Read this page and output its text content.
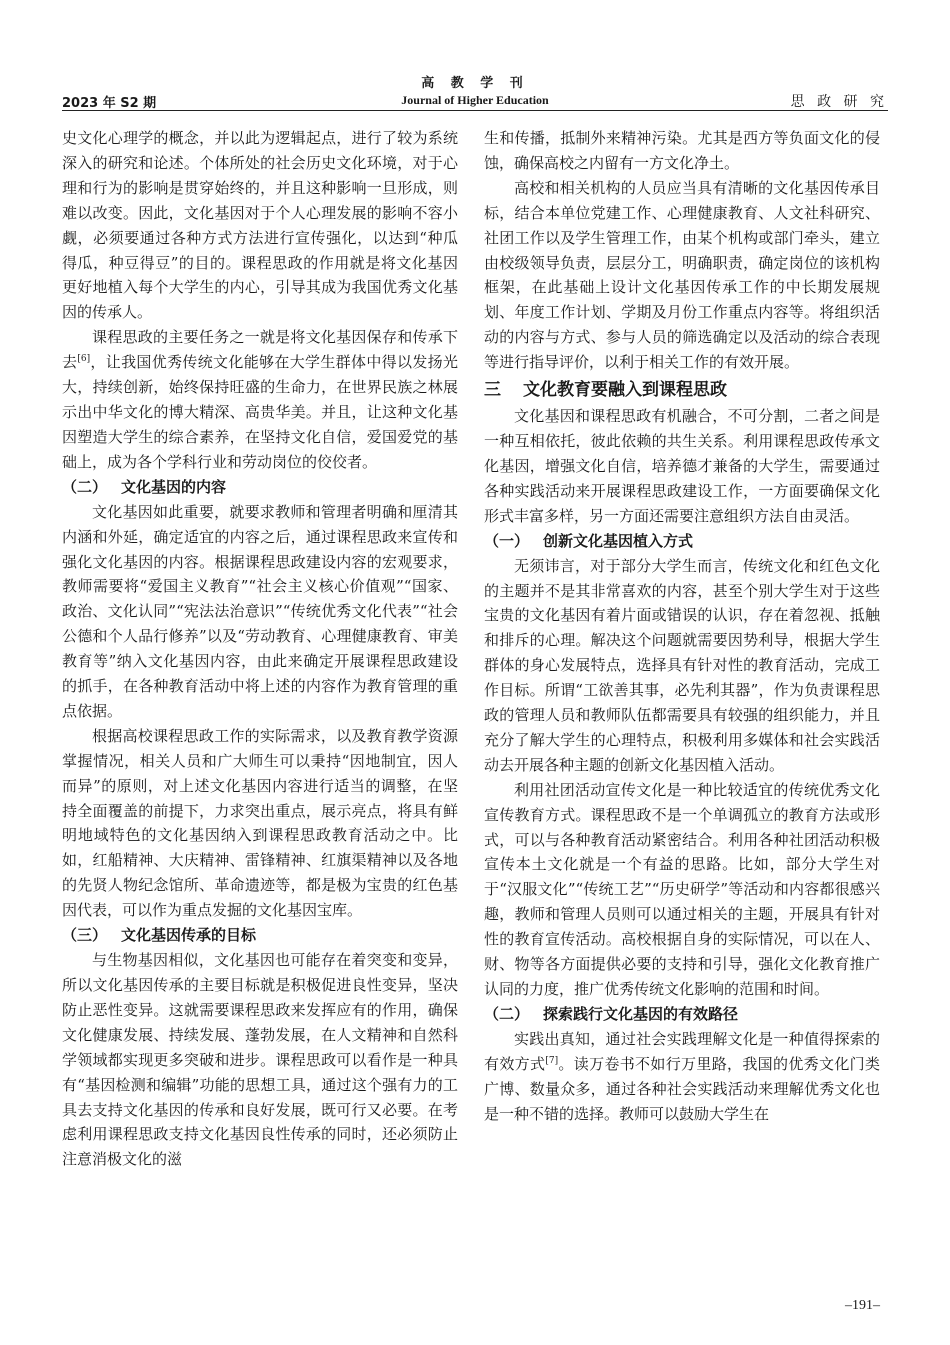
高 教 学 刊
2023 年 S2 期	Journal of Higher Education	思 政 研 究

史文化心理学的概念，并以此为逻辑起点，进行了较为系统深入的研究和论述。个体所处的社会历史文化环境，对于心理和行为的影响是贯穿始终的，并且这种影响一旦形成，则难以改变。因此，文化基因对于个人心理发展的影响不容小觑，必须要通过各种方式方法进行宣传强化，以达到“种瓜得瓜，种豆得豆”的目的。课程思政的作用就是将文化基因更好地植入每个大学生的内心，引导其成为我国优秀文化基因的传承人。

课程思政的主要任务之一就是将文化基因保存和传承下去[6]，让我国优秀传统文化能够在大学生群体中得以发扬光大，持续创新，始终保持旺盛的生命力，在世界民族之林展示出中华文化的博大精深、高贵华美。并且，让这种文化基因塑造大学生的综合素养，在坚持文化自信，爱国爱党的基础上，成为各个学科行业和劳动岗位的佼佼者。

（二） 文化基因的内容

文化基因如此重要，就要求教师和管理者明确和厘清其内涵和外延，确定适宜的内容之后，通过课程思政来宣传和强化文化基因的内容。根据课程思政建设内容的宏观要求，教师需要将“爱国主义教育”“社会主义核心价值观”“国家、政治、文化认同”“宪法法治意识”“传统优秀文化代表”“社会公德和个人品行修养”以及“劳动教育、心理健康教育、审美教育等”纳入文化基因内容，由此来确定开展课程思政建设的抓手，在各种教育活动中将上述的内容作为教育管理的重点依据。

根据高校课程思政工作的实际需求，以及教育教学资源掌握情况，相关人员和广大师生可以秉持“因地制宜，因人而异”的原则，对上述文化基因内容进行适当的调整，在坚持全面覆盖的前提下，力求突出重点，展示亮点，将具有鲜明地域特色的文化基因纳入到课程思政教育活动之中。比如，红船精神、大庆精神、雷锋精神、红旗渠精神以及各地的先贤人物纪念馆所、革命遗迹等，都是极为宝贵的红色基因代表，可以作为重点发掘的文化基因宝库。

（三） 文化基因传承的目标

与生物基因相似，文化基因也可能存在着突变和变异，所以文化基因传承的主要目标就是积极促进良性变异，坚决防止恶性变异。这就需要课程思政来发挥应有的作用，确保文化健康发展、持续发展、蓬勃发展，在人文精神和自然科学领域都实现更多突破和进步。课程思政可以看作是一种具有“基因检测和编辑”功能的思想工具，通过这个强有力的工具去支持文化基因的传承和良好发展，既可行又必要。在考虑利用课程思政支持文化基因良性传承的同时，还必须防止注意消极文化的滋

生和传播，抵制外来精神污染。尤其是西方等负面文化的侵蚀，确保高校之内留有一方文化净土。

高校和相关机构的人员应当具有清晰的文化基因传承目标，结合本单位党建工作、心理健康教育、人文社科研究、社团工作以及学生管理工作，由某个机构或部门牵头，建立由校级领导负责，层层分工，明确职责，确定岗位的该机构框架，在此基础上设计文化基因传承工作的中长期发展规划、年度工作计划、学期及月份工作重点内容等。将组织活动的内容与方式、参与人员的筛选确定以及活动的综合表现等进行指导评价，以利于相关工作的有效开展。

三 文化教育要融入到课程思政

文化基因和课程思政有机融合，不可分割，二者之间是一种互相依托，彼此依赖的共生关系。利用课程思政传承文化基因，增强文化自信，培养德才兼备的大学生，需要通过各种实践活动来开展课程思政建设工作，一方面要确保文化形式丰富多样，另一方面还需要注意组织方法自由灵活。

（一） 创新文化基因植入方式

无须讳言，对于部分大学生而言，传统文化和红色文化的主题并不是其非常喜欢的内容，甚至个别大学生对于这些宝贵的文化基因有着片面或错误的认识，存在着忽视、抵触和排斥的心理。解决这个问题就需要因势利导，根据大学生群体的身心发展特点，选择具有针对性的教育活动，完成工作目标。所谓“工欲善其事，必先利其器”，作为负责课程思政的管理人员和教师队伍都需要具有较强的组织能力，并且充分了解大学生的心理特点，积极利用多媒体和社会实践活动去开展各种主题的创新文化基因植入活动。

利用社团活动宣传文化是一种比较适宜的传统优秀文化宣传教育方式。课程思政不是一个单调孤立的教育方法或形式，可以与各种教育活动紧密结合。利用各种社团活动积极宣传本土文化就是一个有益的思路。比如，部分大学生对于“汉服文化”“传统工艺”“历史研学”等活动和内容都很感兴趣，教师和管理人员则可以通过相关的主题，开展具有针对性的教育宣传活动。高校根据自身的实际情况，可以在人、财、物等各方面提供必要的支持和引导，强化文化教育推广认同的力度，推广优秀传统文化影响的范围和时间。

（二） 探索践行文化基因的有效路径

实践出真知，通过社会实践理解文化是一种值得探索的有效方式[7]。读万卷书不如行万里路，我国的优秀文化门类广博、数量众多，通过各种社会实践活动来理解优秀文化也是一种不错的选择。教师可以鼓励大学生在

–191–
